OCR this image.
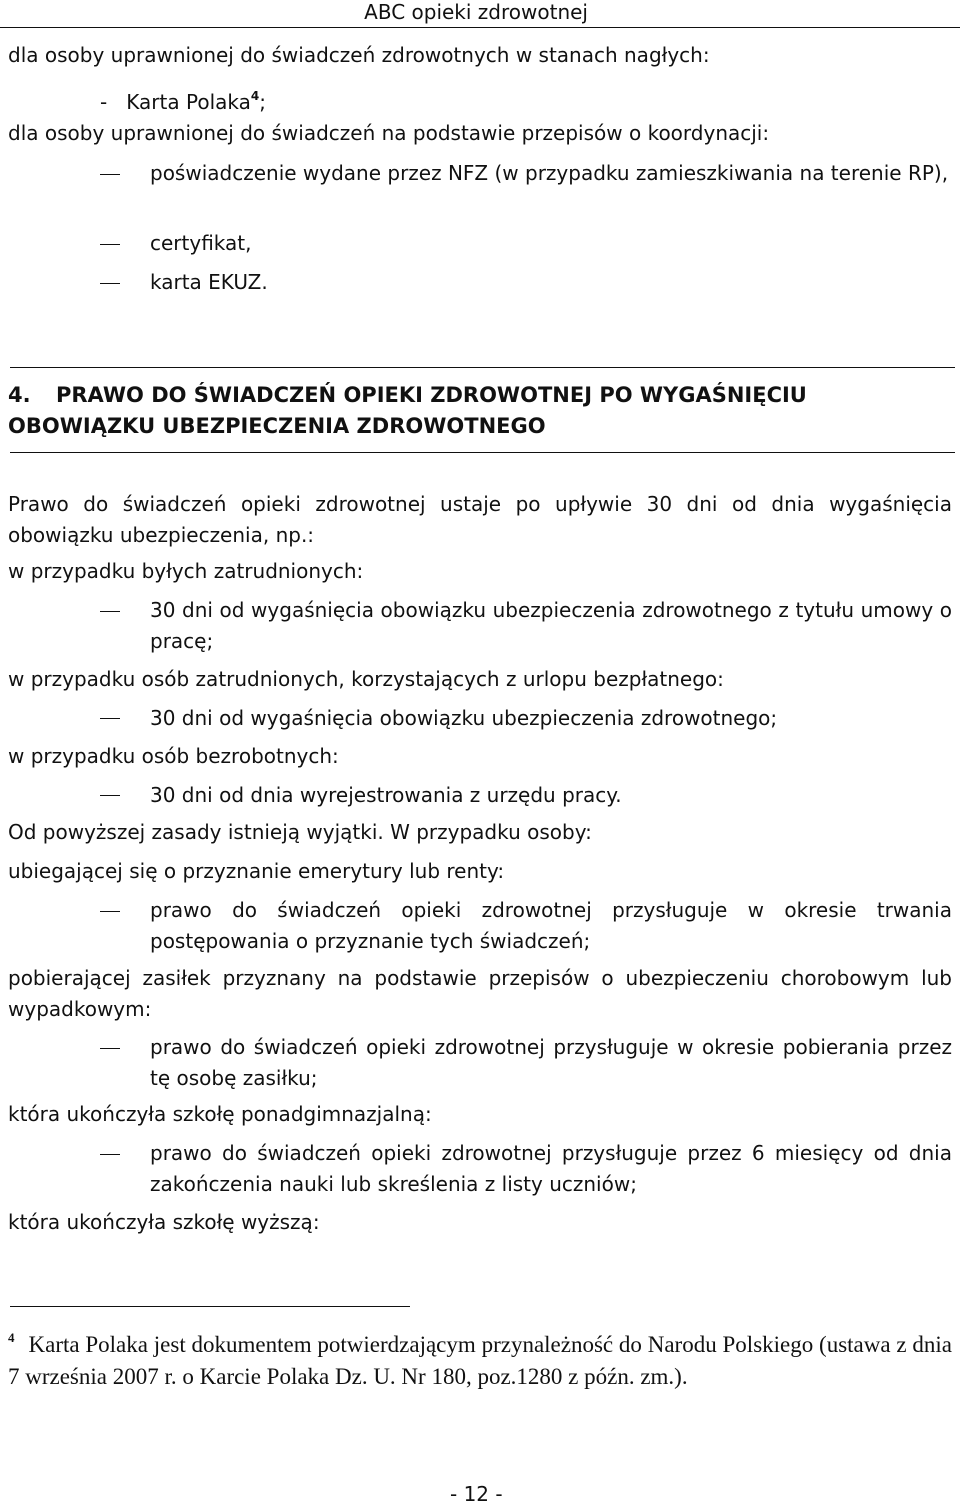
ABC opieki zdrowotnej
dla osoby uprawnionej do świadczeń zdrowotnych w stanach nagłych:
-   Karta Polaka$^4$;
dla osoby uprawnionej do świadczeń na podstawie przepisów o koordynacji:
poświadczenie wydane przez NFZ (w przypadku zamieszkiwania na terenie RP),
certyfikat,
karta EKUZ.
4. PRAWO DO ŚWIADCZEŃ OPIEKI ZDROWOTNEJ PO WYGAŚNIĘCIU
OBOWIĄZKU UBEZPIECZENIA ZDROWOTNEGO
Prawo do świadczeń opieki zdrowotnej ustaje po upływie 30 dni od dnia wygaśnięcia obowiązku ubezpieczenia, np.:
w przypadku byłych zatrudnionych:
30 dni od wygaśnięcia obowiązku ubezpieczenia zdrowotnego z tytułu umowy o pracę;
w przypadku osób zatrudnionych, korzystających z urlopu bezpłatnego:
30 dni od wygaśnięcia obowiązku ubezpieczenia zdrowotnego;
w przypadku osób bezrobotnych:
30 dni od dnia wyrejestrowania z urzędu pracy.
Od powyższej zasady istnieją wyjątki. W przypadku osoby:
ubiegającej się o przyznanie emerytury lub renty:
prawo do świadczeń opieki zdrowotnej przysługuje w okresie trwania postępowania o przyznanie tych świadczeń;
pobierającej zasiłek przyznany na podstawie przepisów o ubezpieczeniu chorobowym lub wypadkowym:
prawo do świadczeń opieki zdrowotnej przysługuje w okresie pobierania przez tę osobę zasiłku;
która ukończyła szkołę ponadgimnazjalną:
prawo do świadczeń opieki zdrowotnej przysługuje przez 6 miesięcy od dnia zakończenia nauki lub skreślenia z listy uczniów;
która ukończyła szkołę wyższą:
$^4$ Karta Polaka jest dokumentem potwierdzającym przynależność do Narodu Polskiego (ustawa z dnia 7 września 2007 r. o Karcie Polaka Dz. U. Nr 180, poz.1280 z późn. zm.).
- 12 -
